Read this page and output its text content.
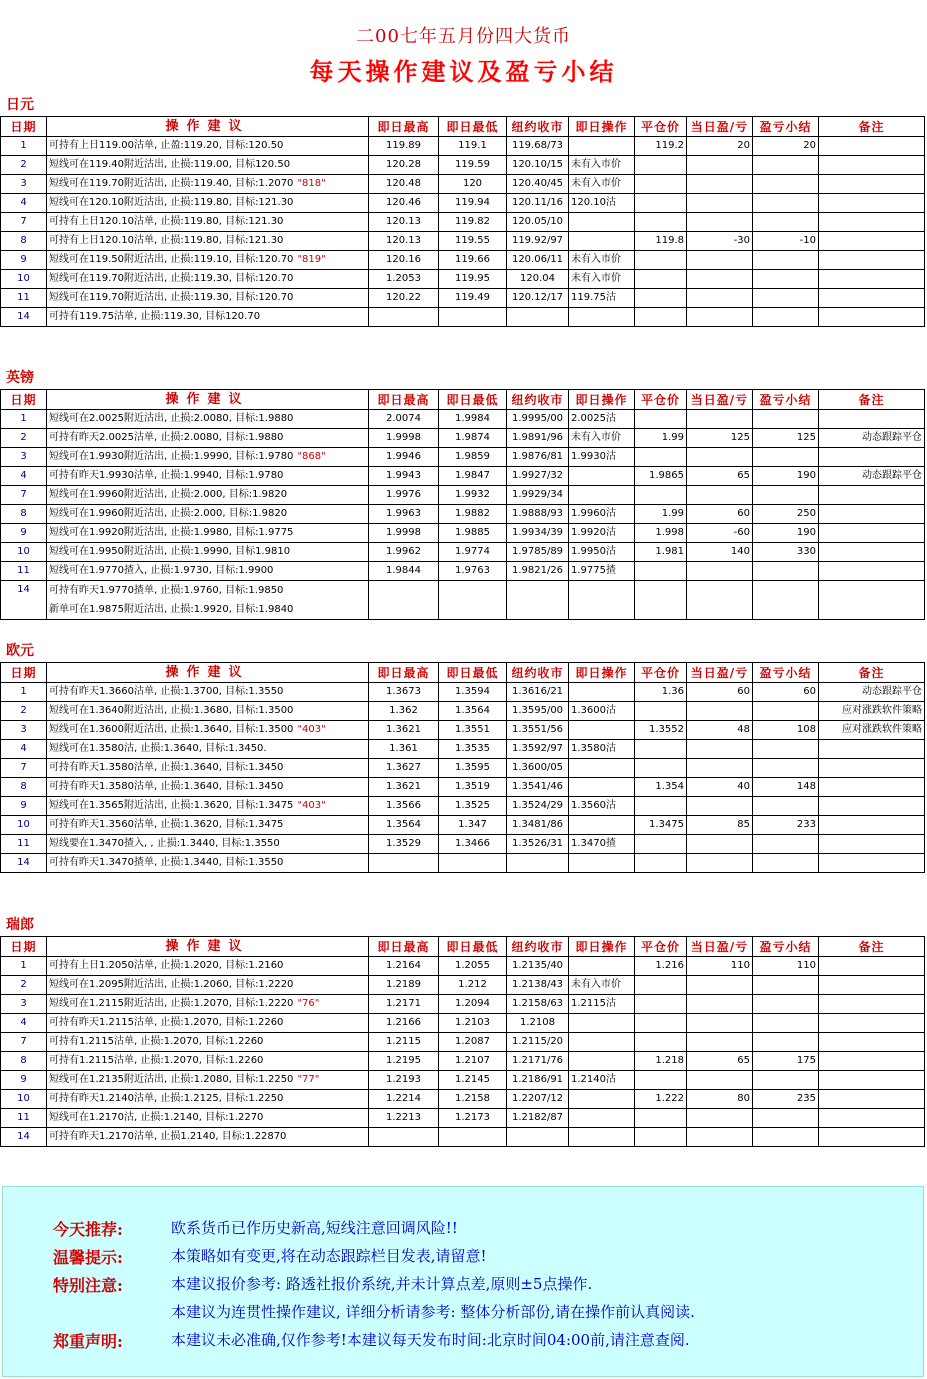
二00七年五月份四大货币
每天操作建议及盈亏小结
日元
日期	操作建议	即日最高	即日最低	纽约收市	即日操作	平仓价	当日盈/亏	盈亏小结	备注
1	可持有上日119.00沽单, 止盈:119.20, 目标:120.50	119.89	119.1	119.68/73		119.2	20	20	
2	短线可在119.40附近沽出, 止损:119.00, 目标120.50	120.28	119.59	120.10/15	未有入市价				
3	短线可在119.70附近沽出, 止损:119.40, 目标:1.2070 "818"	120.48	120	120.40/45	未有入市价				
4	短线可在120.10附近沽出, 止损:119.80, 目标:121.30	120.46	119.94	120.11/16	120.10沽				
7	可持有上日120.10沽单, 止损:119.80, 目标:121.30	120.13	119.82	120.05/10					
8	可持有上日120.10沽单, 止损:119.80, 目标:121.30	120.13	119.55	119.92/97		119.8	-30	-10	
9	短线可在119.50附近沽出, 止损:119.10, 目标:120.70 "819"	120.16	119.66	120.06/11	未有入市价				
10	短线可在119.70附近沽出, 止损:119.30, 目标:120.70	1.2053	119.95	120.04	未有入市价				
11	短线可在119.70附近沽出, 止损:119.30, 目标:120.70	120.22	119.49	120.12/17	119.75沽				
14	可持有119.75沽单, 止损:119.30, 目标120.70								
英镑
日期	操作建议	即日最高	即日最低	纽约收市	即日操作	平仓价	当日盈/亏	盈亏小结	备注
1	短线可在2.0025附近沽出, 止损:2.0080, 目标:1.9880	2.0074	1.9984	1.9995/00	2.0025沽				
2	可持有昨天2.0025沽单, 止损:2.0080, 目标:1.9880	1.9998	1.9874	1.9891/96	未有入市价	1.99	125	125	动态跟踪平仓
3	短线可在1.9930附近沽出, 止损:1.9990, 目标:1.9780 "868"	1.9946	1.9859	1.9876/81	1.9930沽				
4	可持有昨天1.9930沽单, 止损:1.9940, 目标:1.9780	1.9943	1.9847	1.9927/32		1.9865	65	190	动态跟踪平仓
7	短线可在1.9960附近沽出, 止损:2.000, 目标:1.9820	1.9976	1.9932	1.9929/34					
8	短线可在1.9960附近沽出, 止损:2.000, 目标:1.9820	1.9963	1.9882	1.9888/93	1.9960沽	1.99	60	250	
9	短线可在1.9920附近沽出, 止损:1.9980, 目标:1.9775	1.9998	1.9885	1.9934/39	1.9920沽	1.998	-60	190	
10	短线可在1.9950附近沽出, 止损:1.9990, 目标1.9810	1.9962	1.9774	1.9785/89	1.9950沽	1.981	140	330	
11	短线可在1.9770揸入, 止损:1.9730, 目标:1.9900	1.9844	1.9763	1.9821/26	1.9775揸				
14	可持有昨天1.9770揸单, 止损:1.9760, 目标:1.9850
新单可在1.9875附近沽出, 止损:1.9920, 目标:1.9840								
欧元
日期	操作建议	即日最高	即日最低	纽约收市	即日操作	平仓价	当日盈/亏	盈亏小结	备注
1	可持有昨天1.3660沽单, 止损:1.3700, 目标:1.3550	1.3673	1.3594	1.3616/21		1.36	60	60	动态跟踪平仓
2	短线可在1.3640附近沽出, 止损:1.3680, 目标:1.3500	1.362	1.3564	1.3595/00	1.3600沽				应对涨跌软件策略
3	短线可在1.3600附近沽出, 止损:1.3640, 目标:1.3500 "403"	1.3621	1.3551	1.3551/56		1.3552	48	108	应对涨跌软件策略
4	短线可在1.3580沽, 止损:1.3640, 目标:1.3450.	1.361	1.3535	1.3592/97	1.3580沽				
7	可持有昨天1.3580沽单, 止损:1.3640, 目标:1.3450	1.3627	1.3595	1.3600/05					
8	可持有昨天1.3580沽单, 止损:1.3640, 目标:1.3450	1.3621	1.3519	1.3541/46		1.354	40	148	
9	短线可在1.3565附近沽出, 止损:1.3620, 目标:1.3475 "403"	1.3566	1.3525	1.3524/29	1.3560沽				
10	可持有昨天1.3560沽单, 止损:1.3620, 目标:1.3475	1.3564	1.347	1.3481/86		1.3475	85	233	
11	短线要在1.3470揸入, , 止损:1.3440, 目标:1.3550	1.3529	1.3466	1.3526/31	1.3470揸				
14	可持有昨天1.3470揸单, 止损:1.3440, 目标:1.3550								
瑞郎
日期	操作建议	即日最高	即日最低	纽约收市	即日操作	平仓价	当日盈/亏	盈亏小结	备注
1	可持有上日1.2050沽单, 止损:1.2020, 目标:1.2160	1.2164	1.2055	1.2135/40		1.216	110	110	
2	短线可在1.2095附近沽出, 止损:1.2060, 目标:1.2220	1.2189	1.212	1.2138/43	未有入市价				
3	短线可在1.2115附近沽出, 止损:1.2070, 目标:1.2220 "76"	1.2171	1.2094	1.2158/63	1.2115沽				
4	可持有昨天1.2115沽单, 止损:1.2070, 目标:1.2260	1.2166	1.2103	1.2108					
7	可持有1.2115沽单, 止损:1.2070, 目标:1.2260	1.2115	1.2087	1.2115/20					
8	可持有1.2115沽单, 止损:1.2070, 目标:1.2260	1.2195	1.2107	1.2171/76		1.218	65	175	
9	短线可在1.2135附近沽出, 止损:1.2080, 目标:1.2250 "77"	1.2193	1.2145	1.2186/91	1.2140沽				
10	可持有昨天1.2140沽单, 止损:1.2125, 目标:1.2250	1.2214	1.2158	1.2207/12		1.222	80	235	
11	短线可在1.2170沽, 止损:1.2140, 目标:1.2270	1.2213	1.2173	1.2182/87					
14	可持有昨天1.2170沽单, 止损1.2140, 目标:1.22870								
今天推荐:	欧系货币已作历史新高,短线注意回调风险!!
温馨提示:	本策略如有变更,将在动态跟踪栏目发表,请留意!
特别注意:	本建议报价参考: 路透社报价系统,并未计算点差,原则±5点操作.
本建议为连贯性操作建议, 详细分析请参考: 整体分析部份,请在操作前认真阅读.
郑重声明:	本建议未必准确,仅作参考!本建议每天发布时间:北京时间04:00前,请注意查阅.
